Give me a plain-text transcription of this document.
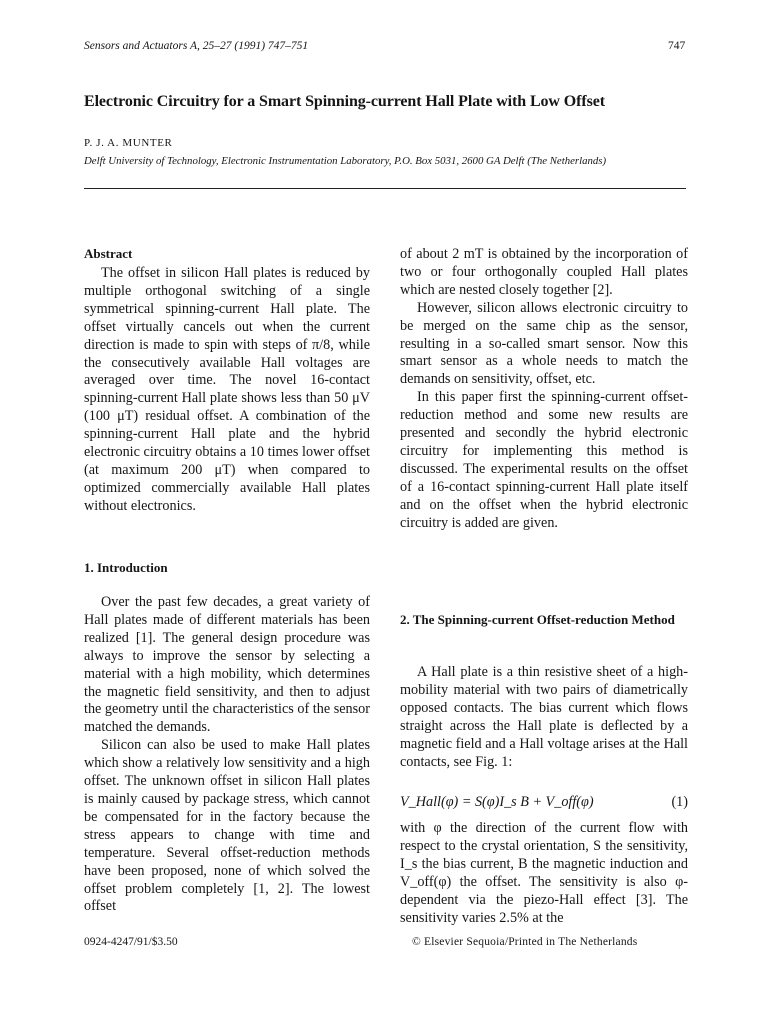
Sensors and Actuators A, 25–27 (1991) 747–751	747
Electronic Circuitry for a Smart Spinning-current Hall Plate with Low Offset
P. J. A. MUNTER
Delft University of Technology, Electronic Instrumentation Laboratory, P.O. Box 5031, 2600 GA Delft (The Netherlands)
Abstract

The offset in silicon Hall plates is reduced by multiple orthogonal switching of a single symmetrical spinning-current Hall plate. The offset virtually cancels out when the current direction is made to spin with steps of π/8, while the consecutively available Hall voltages are averaged over time. The novel 16-contact spinning-current Hall plate shows less than 50 μV (100 μT) residual offset. A combination of the spinning-current Hall plate and the hybrid electronic circuitry obtains a 10 times lower offset (at maximum 200 μT) when compared to optimized commercially available Hall plates without electronics.

1. Introduction

Over the past few decades, a great variety of Hall plates made of different materials has been realized [1]. The general design procedure was always to improve the sensor by selecting a material with a high mobility, which determines the magnetic field sensitivity, and then to adjust the geometry until the characteristics of the sensor matched the demands.

Silicon can also be used to make Hall plates which show a relatively low sensitivity and a high offset. The unknown offset in silicon Hall plates is mainly caused by package stress, which cannot be compensated for in the factory because the stress appears to change with time and temperature. Several offset-reduction methods have been proposed, none of which solved the offset problem completely [1, 2]. The lowest offset

of about 2 mT is obtained by the incorporation of two or four orthogonally coupled Hall plates which are nested closely together [2].

However, silicon allows electronic circuitry to be merged on the same chip as the sensor, resulting in a so-called smart sensor. Now this smart sensor as a whole needs to match the demands on sensitivity, offset, etc.

In this paper first the spinning-current offset-reduction method and some new results are presented and secondly the hybrid electronic circuitry for implementing this method is discussed. The experimental results on the offset of a 16-contact spinning-current Hall plate itself and on the offset when the hybrid electronic circuitry is added are given.

2. The Spinning-current Offset-reduction Method

A Hall plate is a thin resistive sheet of a high-mobility material with two pairs of diametrically opposed contacts. The bias current which flows straight across the Hall plate is deflected by a magnetic field and a Hall voltage arises at the Hall contacts, see Fig. 1:

V_Hall(φ) = S(φ)I_s B + V_off(φ)	(1)

with φ the direction of the current flow with respect to the crystal orientation, S the sensitivity, I_s the bias current, B the magnetic induction and V_off(φ) the offset. The sensitivity is also φ-dependent via the piezo-Hall effect [3]. The sensitivity varies 2.5% at the

0924-4247/91/$3.50	© Elsevier Sequoia/Printed in The Netherlands
